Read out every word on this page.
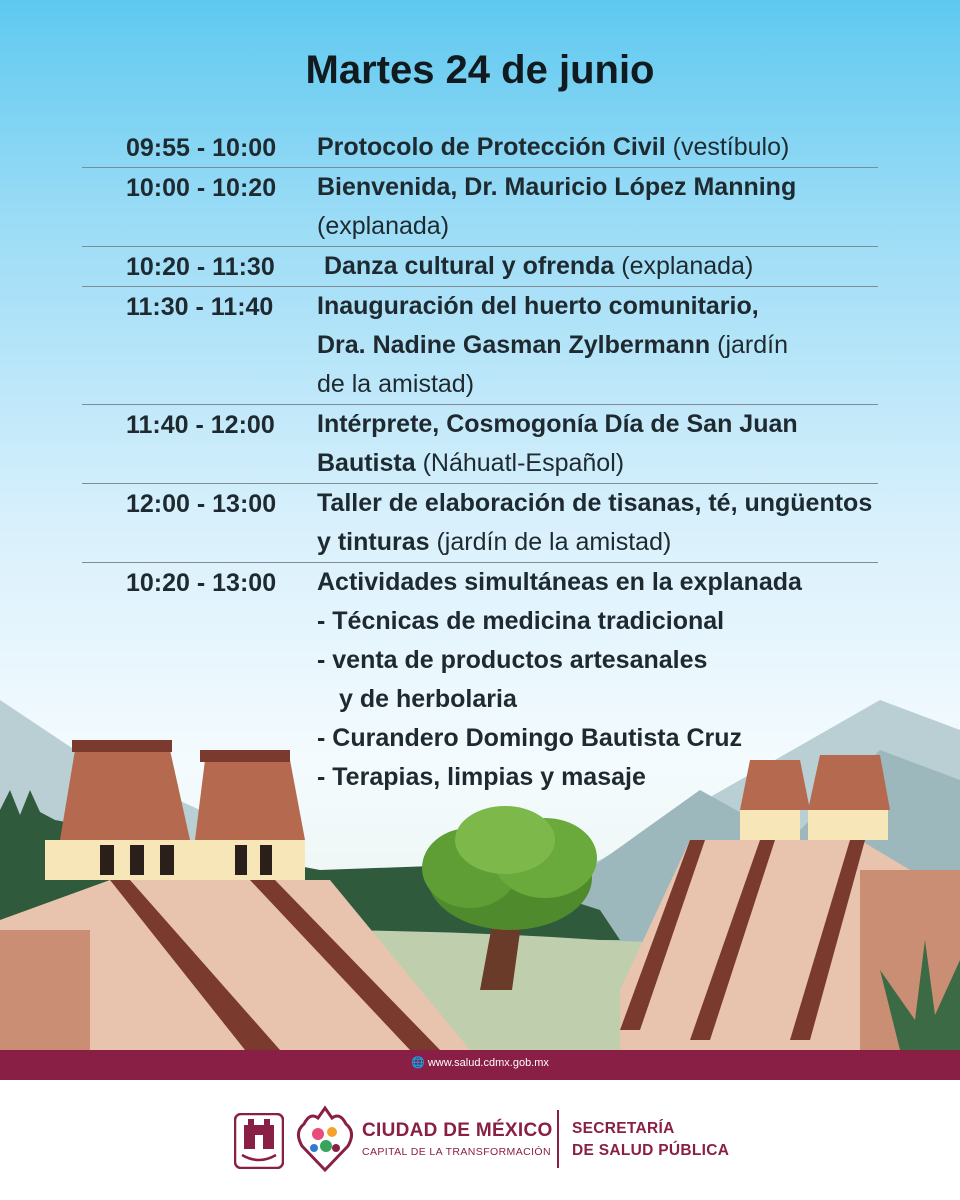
Martes 24 de junio
09:55 - 10:00 Protocolo de Protección Civil (vestíbulo)
10:00 - 10:20 Bienvenida, Dr. Mauricio López Manning
(explanada)
10:20 - 11:30 Danza cultural y ofrenda (explanada)
11:30 - 11:40 Inauguración del huerto comunitario,
Dra. Nadine Gasman Zylbermann (jardín
de la amistad)
11:40 - 12:00 Intérprete, Cosmogonía Día de San Juan
Bautista (Náhuatl-Español)
12:00 - 13:00 Taller de elaboración de tisanas, té, ungüentos
y tinturas (jardín de la amistad)
10:20 - 13:00 Actividades simultáneas en la explanada
- Técnicas de medicina tradicional
- venta de productos artesanales
y de herbolaria
- Curandero Domingo Bautista Cruz
- Terapias, limpias y masaje
🌐 www.salud.cdmx.gob.mx
CIUDAD DE MÉXICO
CAPITAL DE LA TRANSFORMACIÓN
SECRETARÍA
DE SALUD PÚBLICA
